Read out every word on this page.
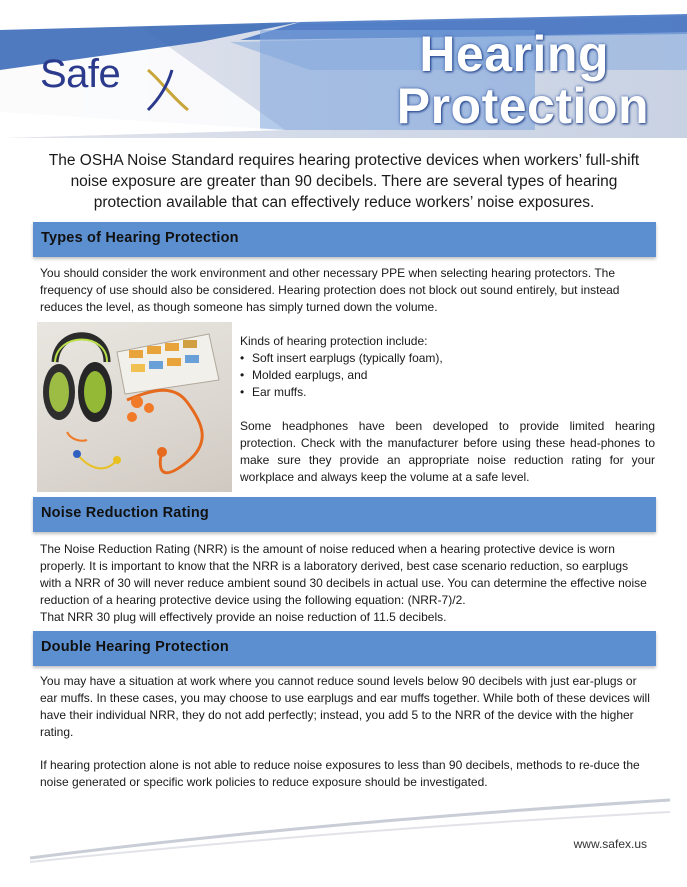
Safe	Hearing
Protection

The OSHA Noise Standard requires hearing protective devices when workers’ full-shift noise exposure are greater than 90 decibels. There are several types of hearing protection available that can effectively reduce workers’ noise exposures.

Types of Hearing Protection

You should consider the work environment and other necessary PPE when selecting hearing protectors. The frequency of use should also be considered. Hearing protection does not block out sound entirely, but instead reduces the level, as though someone has simply turned down the volume.

Kinds of hearing protection include:

• Soft insert earplugs (typically foam),
• Molded earplugs, and
• Ear muffs.

Some headphones have been developed to provide limited hearing protection. Check with the manufacturer before using these head-phones to make sure they provide an appropriate noise reduction rating for your workplace and always keep the volume at a safe level.

Noise Reduction Rating

The Noise Reduction Rating (NRR) is the amount of noise reduced when a hearing protective device is worn properly. It is important to know that the NRR is a laboratory derived, best case scenario reduction, so earplugs with a NRR of 30 will never reduce ambient sound 30 decibels in actual use. You can determine the effective noise reduction of a hearing protective device using the following equation: (NRR-7)/2.

That NRR 30 plug will effectively provide an noise reduction of 11.5 decibels.

Double Hearing Protection

You may have a situation at work where you cannot reduce sound levels below 90 decibels with just ear-plugs or ear muffs. In these cases, you may choose to use earplugs and ear muffs together. While both of these devices will have their individual NRR, they do not add perfectly; instead, you add 5 to the NRR of the device with the higher rating.

If hearing protection alone is not able to reduce noise exposures to less than 90 decibels, methods to re-duce the noise generated or specific work policies to reduce exposure should be investigated.

www.safex.us
